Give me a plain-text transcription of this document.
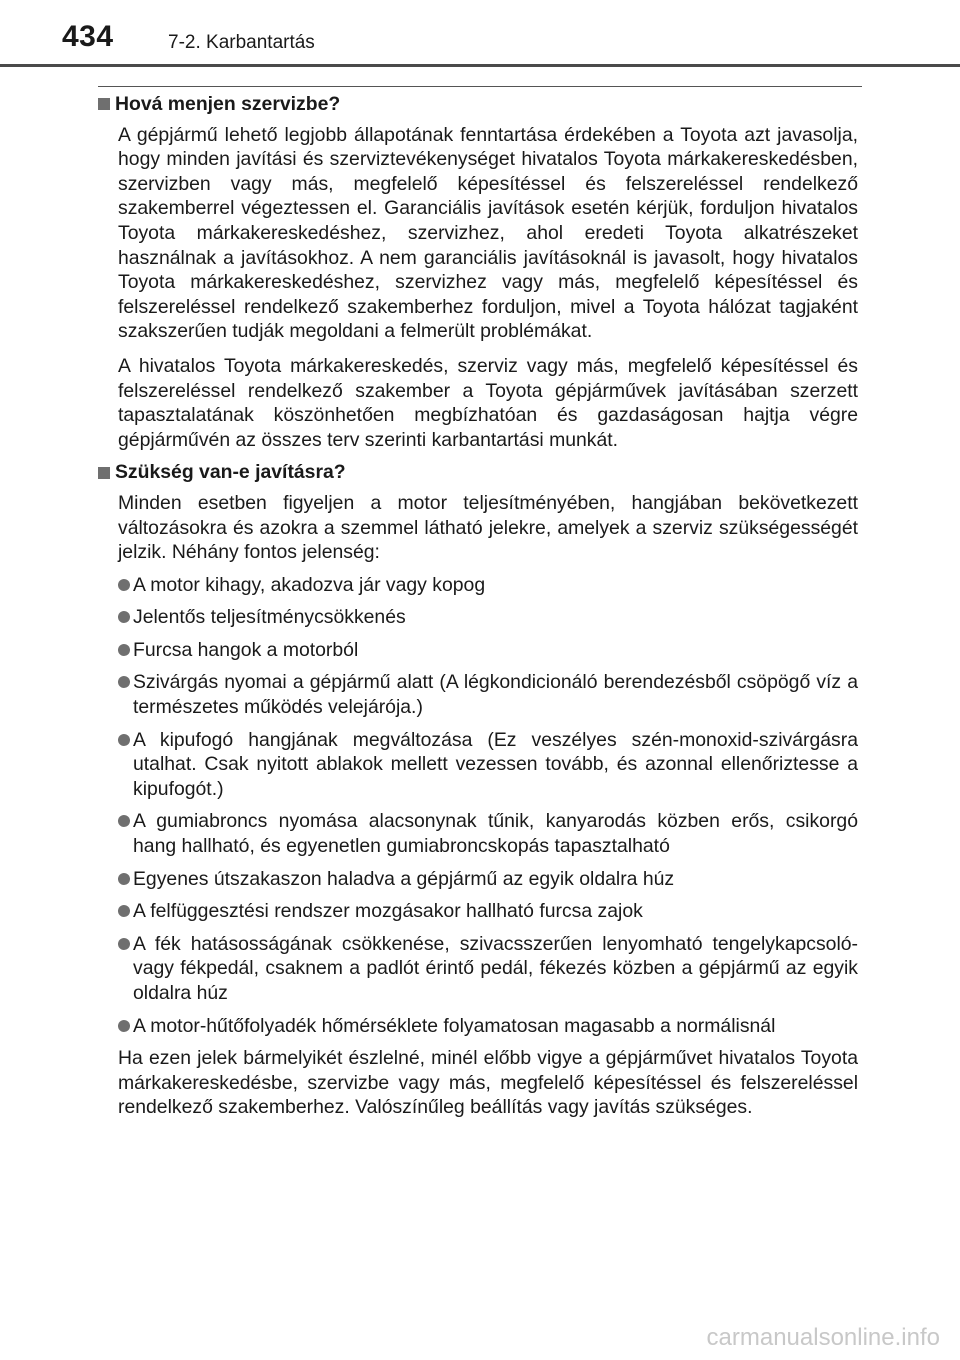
434	7-2. Karbantartás
Hová menjen szervizbe?

A gépjármű lehető legjobb állapotának fenntartása érdekében a Toyota azt javasolja, hogy minden javítási és szerviztevékenységet hivatalos Toyota márkakereskedésben, szervizben vagy más, megfelelő képesítéssel és felszereléssel rendelkező szakemberrel végeztessen el. Garanciális javítások esetén kérjük, forduljon hivatalos Toyota márkakereskedéshez, szervizhez, ahol eredeti Toyota alkatrészeket használnak a javításokhoz. A nem garanciális javításoknál is javasolt, hogy hivatalos Toyota márkakereskedéshez, szervizhez vagy más, megfelelő képesítéssel és felszereléssel rendelkező szakemberhez forduljon, mivel a Toyota hálózat tagjaként szakszerűen tudják megoldani a felmerült problémákat.

A hivatalos Toyota márkakereskedés, szerviz vagy más, megfelelő képesítéssel és felszereléssel rendelkező szakember a Toyota gépjárművek javításában szerzett tapasztalatának köszönhetően megbízhatóan és gazdaságosan hajtja végre gépjárművén az összes terv szerinti karbantartási munkát.

Szükség van-e javításra?

Minden esetben figyeljen a motor teljesítményében, hangjában bekövetkezett változásokra és azokra a szemmel látható jelekre, amelyek a szerviz szükségességét jelzik. Néhány fontos jelenség:

A motor kihagy, akadozva jár vagy kopog
Jelentős teljesítménycsökkenés
Furcsa hangok a motorból
Szivárgás nyomai a gépjármű alatt (A légkondicionáló berendezésből csöpögő víz a természetes működés velejárója.)
A kipufogó hangjának megváltozása (Ez veszélyes szén-monoxid-szivárgásra utalhat. Csak nyitott ablakok mellett vezessen tovább, és azonnal ellenőriztesse a kipufogót.)
A gumiabroncs nyomása alacsonynak tűnik, kanyarodás közben erős, csikorgó hang hallható, és egyenetlen gumiabroncskopás tapasztalható
Egyenes útszakaszon haladva a gépjármű az egyik oldalra húz
A felfüggesztési rendszer mozgásakor hallható furcsa zajok
A fék hatásosságának csökkenése, szivacsszerűen lenyomható tengelykapcsoló- vagy fékpedál, csaknem a padlót érintő pedál, fékezés közben a gépjármű az egyik oldalra húz
A motor-hűtőfolyadék hőmérséklete folyamatosan magasabb a normálisnál

Ha ezen jelek bármelyikét észlelné, minél előbb vigye a gépjárművet hivatalos Toyota márkakereskedésbe, szervizbe vagy más, megfelelő képesítéssel és felszereléssel rendelkező szakemberhez. Valószínűleg beállítás vagy javítás szükséges.

carmanualsonline.info
